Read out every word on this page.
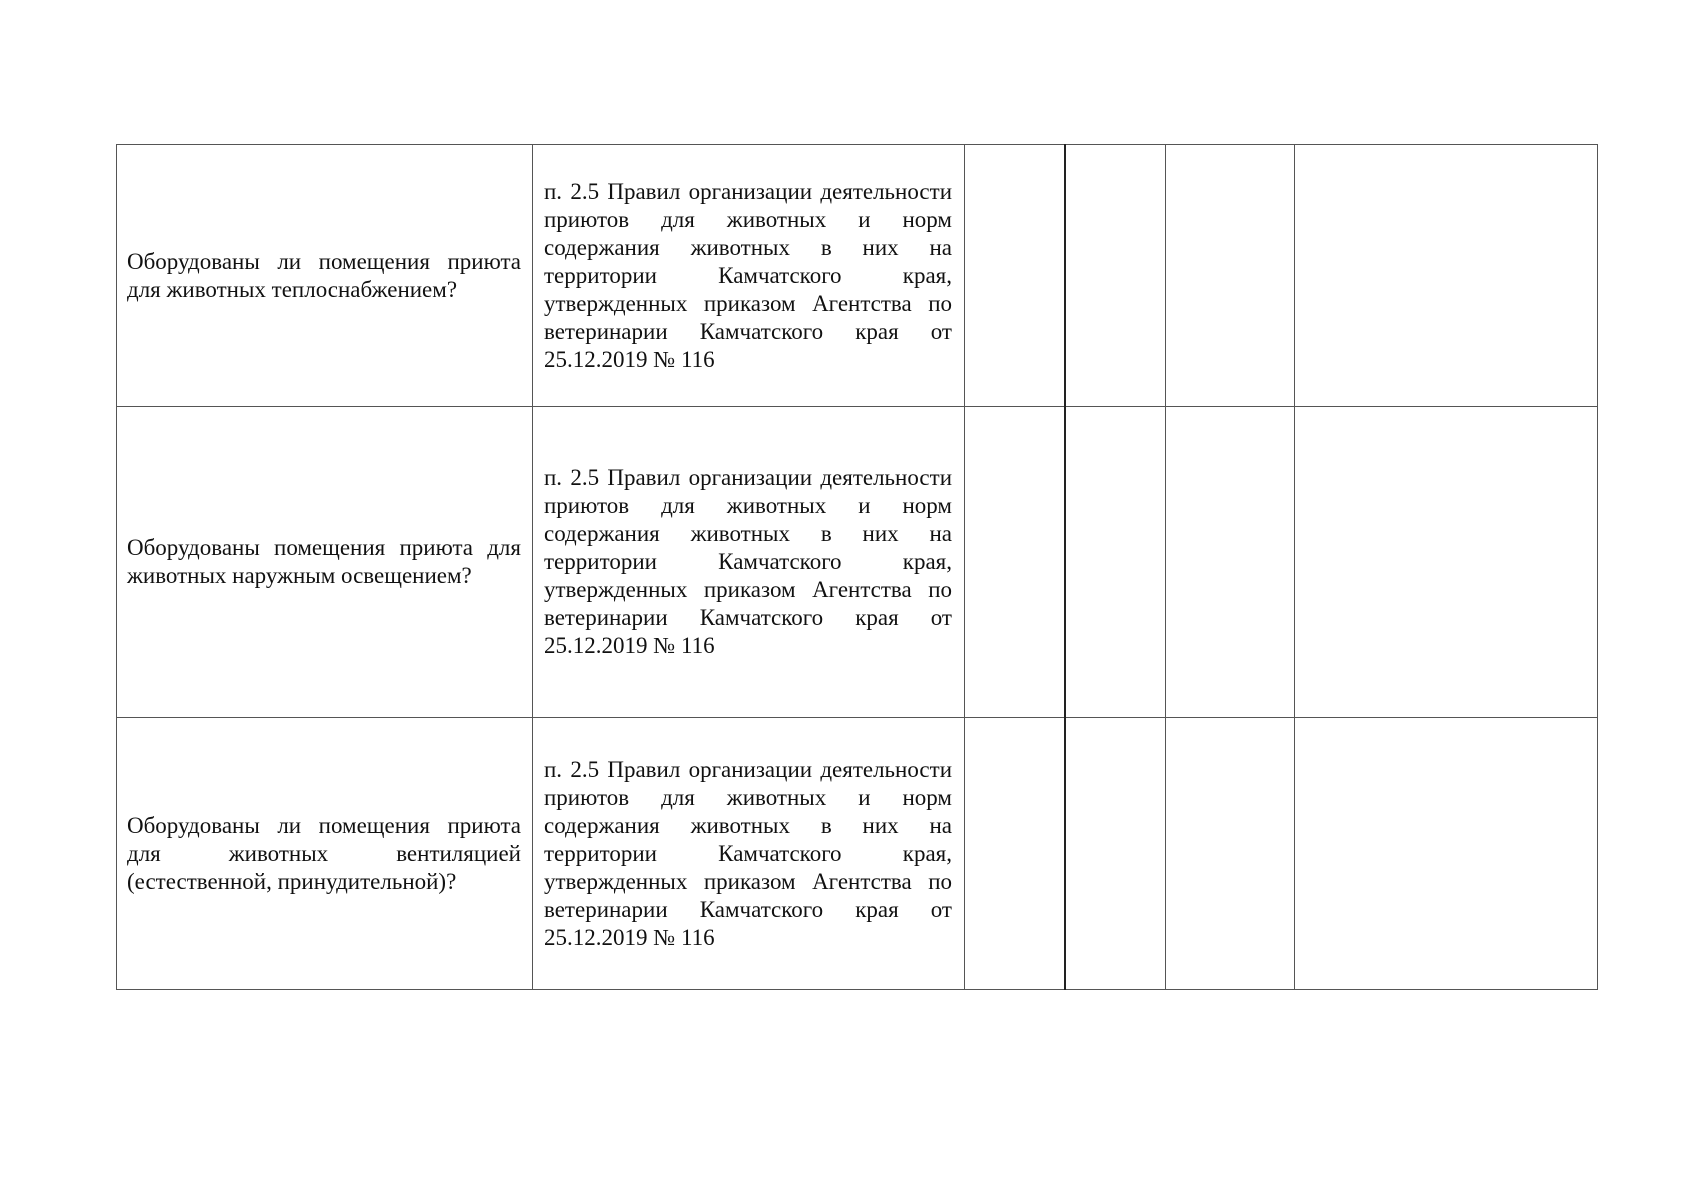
Оборудованы ли помещения приюта для животных теплоснабжением?	п. 2.5 Правил организации деятельности приютов для животных и норм содержания животных в них на территории Камчатского края, утвержденных приказом Агентства по ветеринарии Камчатского края от 25.12.2019 № 116				
Оборудованы помещения приюта для животных наружным освещением?	п. 2.5 Правил организации деятельности приютов для животных и норм содержания животных в них на территории Камчатского края, утвержденных приказом Агентства по ветеринарии Камчатского края от 25.12.2019 № 116				
Оборудованы ли помещения приюта для животных вентиляцией (естественной, принудительной)?	п. 2.5 Правил организации деятельности приютов для животных и норм содержания животных в них на территории Камчатского края, утвержденных приказом Агентства по ветеринарии Камчатского края от 25.12.2019 № 116				
